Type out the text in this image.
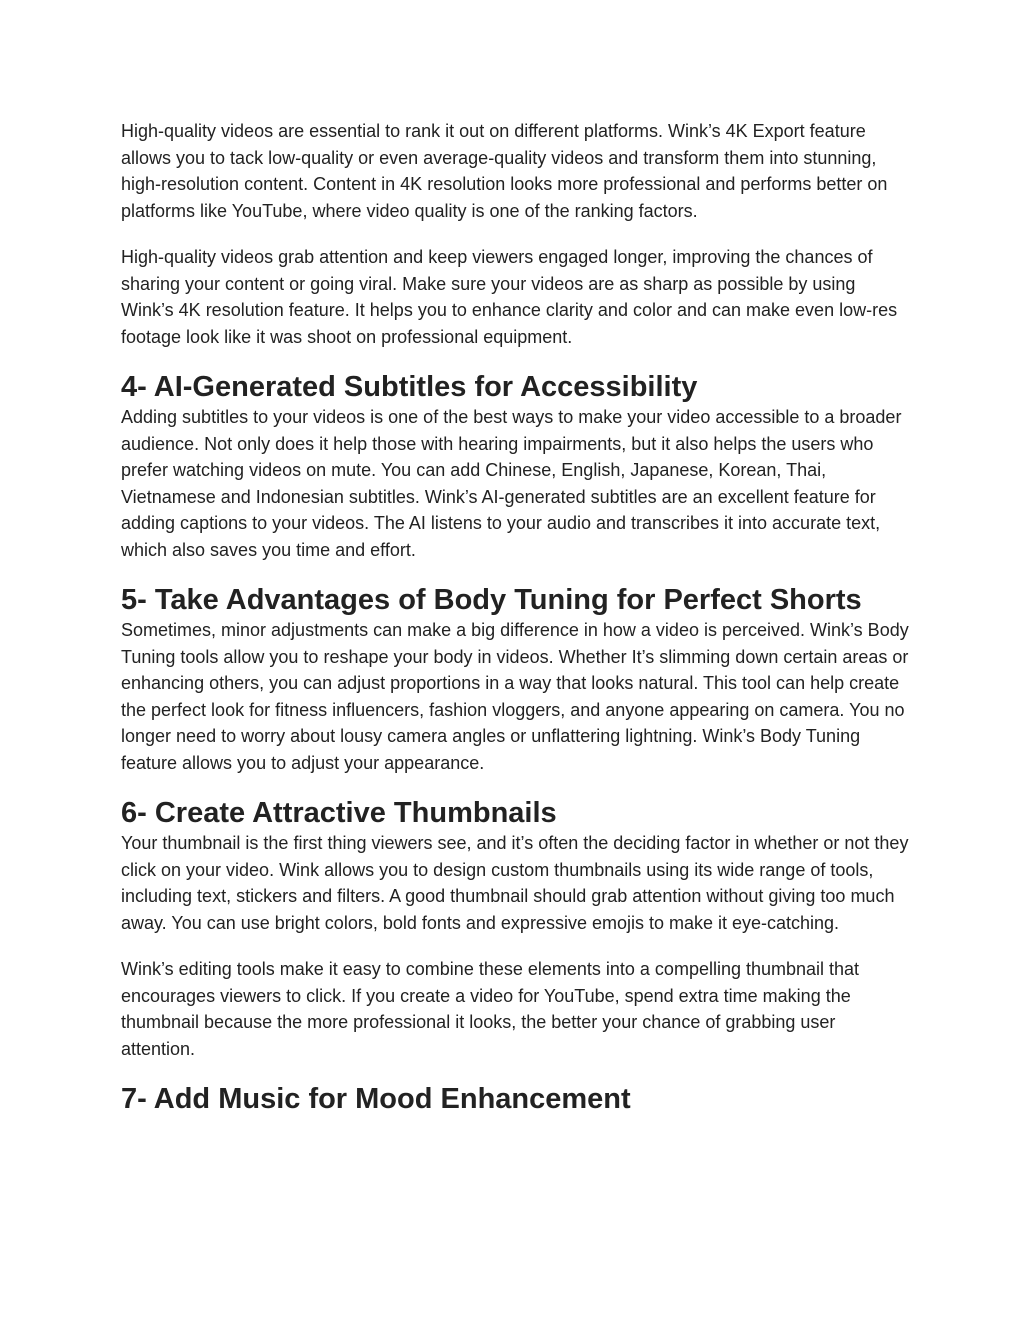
High-quality videos are essential to rank it out on different platforms. Wink’s 4K Export feature allows you to tack low-quality or even average-quality videos and transform them into stunning, high-resolution content. Content in 4K resolution looks more professional and performs better on platforms like YouTube, where video quality is one of the ranking factors.

High-quality videos grab attention and keep viewers engaged longer, improving the chances of sharing your content or going viral. Make sure your videos are as sharp as possible by using Wink’s 4K resolution feature. It helps you to enhance clarity and color and can make even low-res footage look like it was shoot on professional equipment.

4- AI-Generated Subtitles for Accessibility

Adding subtitles to your videos is one of the best ways to make your video accessible to a broader audience. Not only does it help those with hearing impairments, but it also helps the users who prefer watching videos on mute. You can add Chinese, English, Japanese, Korean, Thai, Vietnamese and Indonesian subtitles. Wink’s AI-generated subtitles are an excellent feature for adding captions to your videos. The AI listens to your audio and transcribes it into accurate text, which also saves you time and effort.

5- Take Advantages of Body Tuning for Perfect Shorts

Sometimes, minor adjustments can make a big difference in how a video is perceived. Wink’s Body Tuning tools allow you to reshape your body in videos. Whether It’s slimming down certain areas or enhancing others, you can adjust proportions in a way that looks natural. This tool can help create the perfect look for fitness influencers, fashion vloggers, and anyone appearing on camera. You no longer need to worry about lousy camera angles or unflattering lightning. Wink’s Body Tuning feature allows you to adjust your appearance.

6- Create Attractive Thumbnails

Your thumbnail is the first thing viewers see, and it’s often the deciding factor in whether or not they click on your video. Wink allows you to design custom thumbnails using its wide range of tools, including text, stickers and filters. A good thumbnail should grab attention without giving too much away. You can use bright colors, bold fonts and expressive emojis to make it eye-catching.

Wink’s editing tools make it easy to combine these elements into a compelling thumbnail that encourages viewers to click. If you create a video for YouTube, spend extra time making the thumbnail because the more professional it looks, the better your chance of grabbing user attention.

7- Add Music for Mood Enhancement
